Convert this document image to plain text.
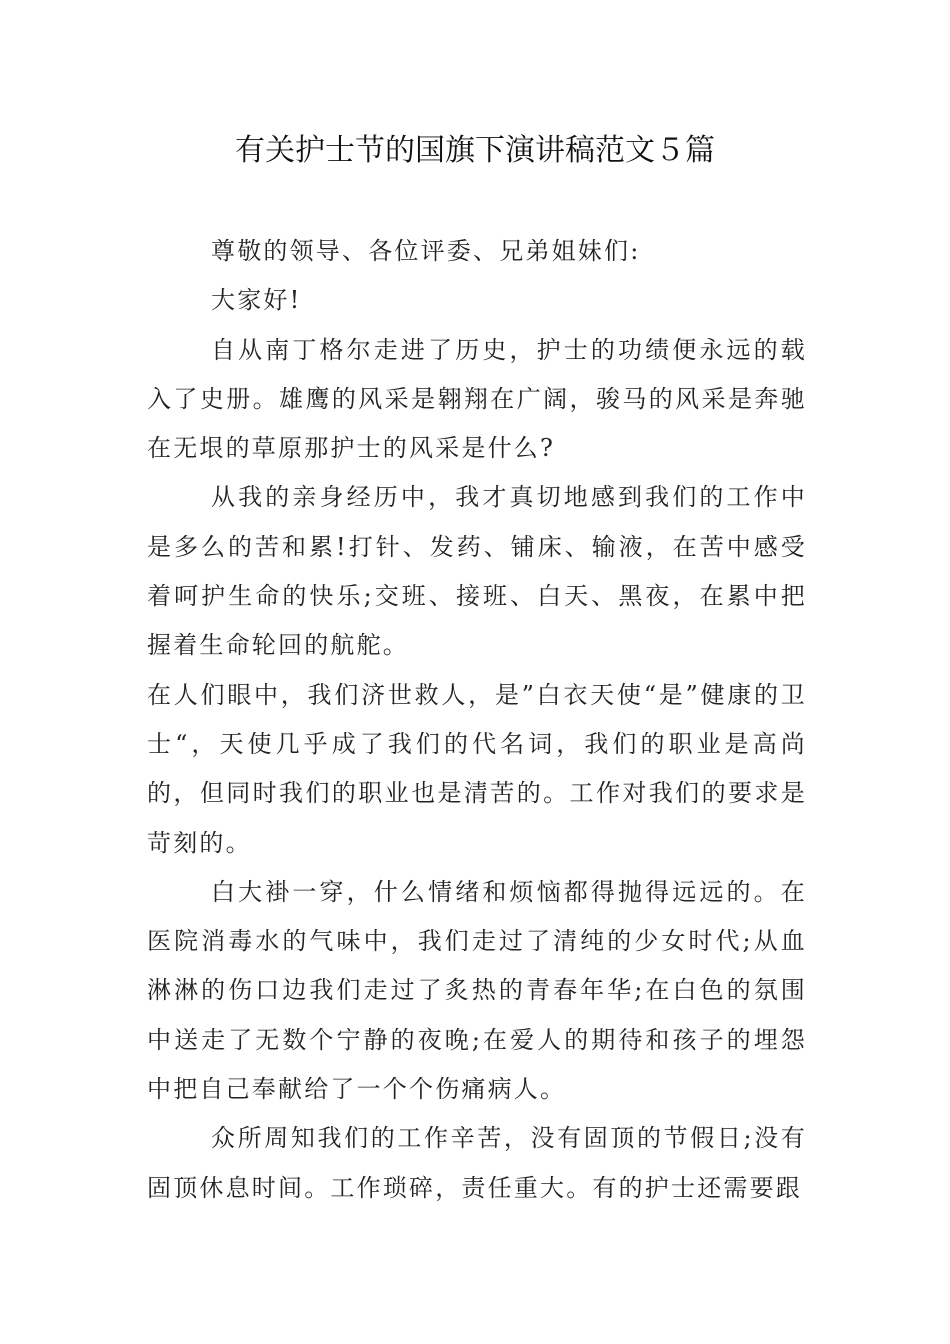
有关护士节的国旗下演讲稿范文５篇

尊敬的领导、各位评委、兄弟姐妹们:

大家好!

自从南丁格尔走进了历史，护士的功绩便永远的载入了史册。雄鹰的风采是翱翔在广阔，骏马的风采是奔驰在无垠的草原那护士的风采是什么?

从我的亲身经历中，我才真切地感到我们的工作中是多么的苦和累!打针、发药、铺床、输液，在苦中感受着呵护生命的快乐;交班、接班、白天、黑夜，在累中把握着生命轮回的航舵。

在人们眼中，我们济世救人，是”白衣天使“是”健康的卫士“，天使几乎成了我们的代名词，我们的职业是高尚的，但同时我们的职业也是清苦的。工作对我们的要求是苛刻的。

白大褂一穿，什么情绪和烦恼都得抛得远远的。在医院消毒水的气味中，我们走过了清纯的少女时代;从血淋淋的伤口边我们走过了炙热的青春年华;在白色的氛围中送走了无数个宁静的夜晚;在爱人的期待和孩子的埋怨中把自己奉献给了一个个伤痛病人。

众所周知我们的工作辛苦，没有固顶的节假日;没有固顶休息时间。工作琐碎，责任重大。有的护士还需要跟
